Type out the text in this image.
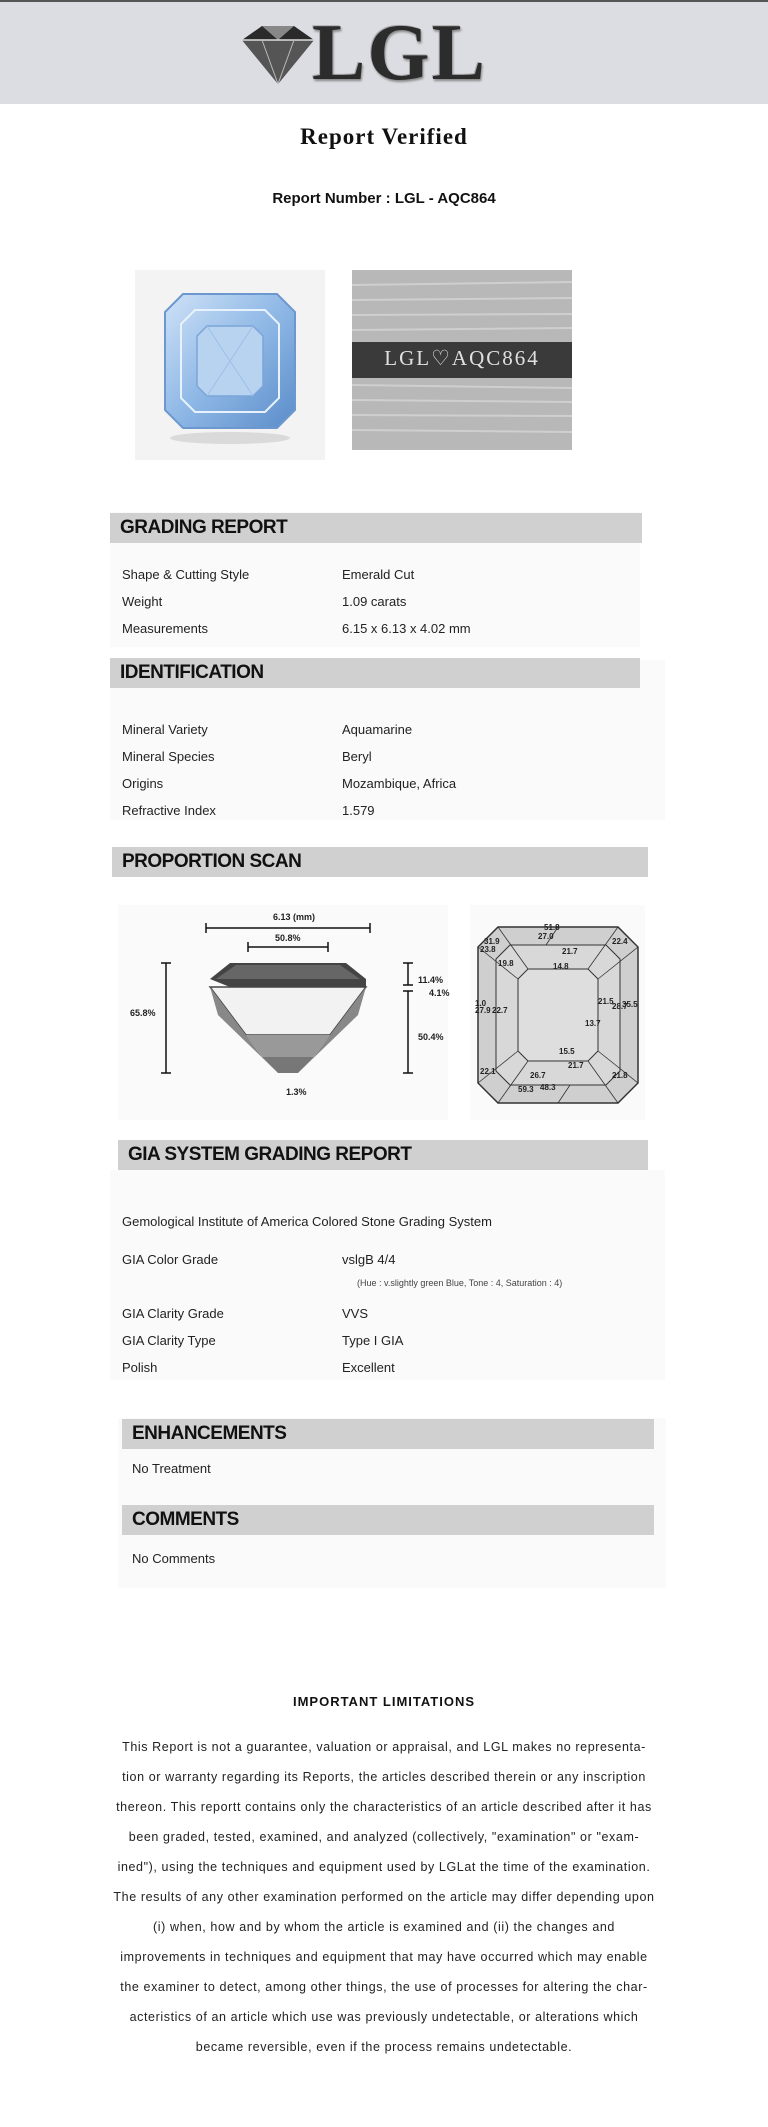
LGL
Report Verified
Report Number : LGL - AQC864
LGL♡AQC864
GRADING REPORT
Shape & Cutting Style	Emerald Cut
Weight	1.09 carats
Measurements	6.15 x 6.13 x 4.02 mm
IDENTIFICATION
Mineral Variety	Aquamarine
Mineral Species	Beryl
Origins	Mozambique, Africa
Refractive Index	1.579
PROPORTION SCAN
6.13 (mm)
50.8%
65.8%
11.4%
4.1%
50.4%
1.3%
51.8
27.0
22.4
31.9
23.8	21.7
19.8	14.8
21.5
28.7
35.5
27.9 22.7
1.0
13.7
15.5
21.7
22.1	26.7	21.8
59.3 48.3
GIA SYSTEM GRADING REPORT
Gemological Institute of America Colored Stone Grading System
GIA Color Grade	vslgB 4/4
(Hue : v.slightly green Blue, Tone : 4, Saturation : 4)
GIA Clarity Grade	VVS
GIA Clarity Type	Type I GIA
Polish	Excellent
ENHANCEMENTS
No Treatment
COMMENTS
No Comments
IMPORTANT LIMITATIONS
This Report is not a guarantee, valuation or appraisal, and LGL makes no representa-tion or warranty regarding its Reports, the articles described therein or any inscription thereon. This reportt contains only the characteristics of an article described after it has been graded, tested, examined, and analyzed (collectively, "examination" or "exam-ined"), using the techniques and equipment used by LGLat the time of the examination. The results of any other examination performed on the article may differ depending upon (i) when, how and by whom the article is examined and (ii) the changes and improvements in techniques and equipment that may have occurred which may enable the examiner to detect, among other things, the use of processes for altering the char-acteristics of an article which use was previously undetectable, or alterations which became reversible, even if the process remains undetectable.
